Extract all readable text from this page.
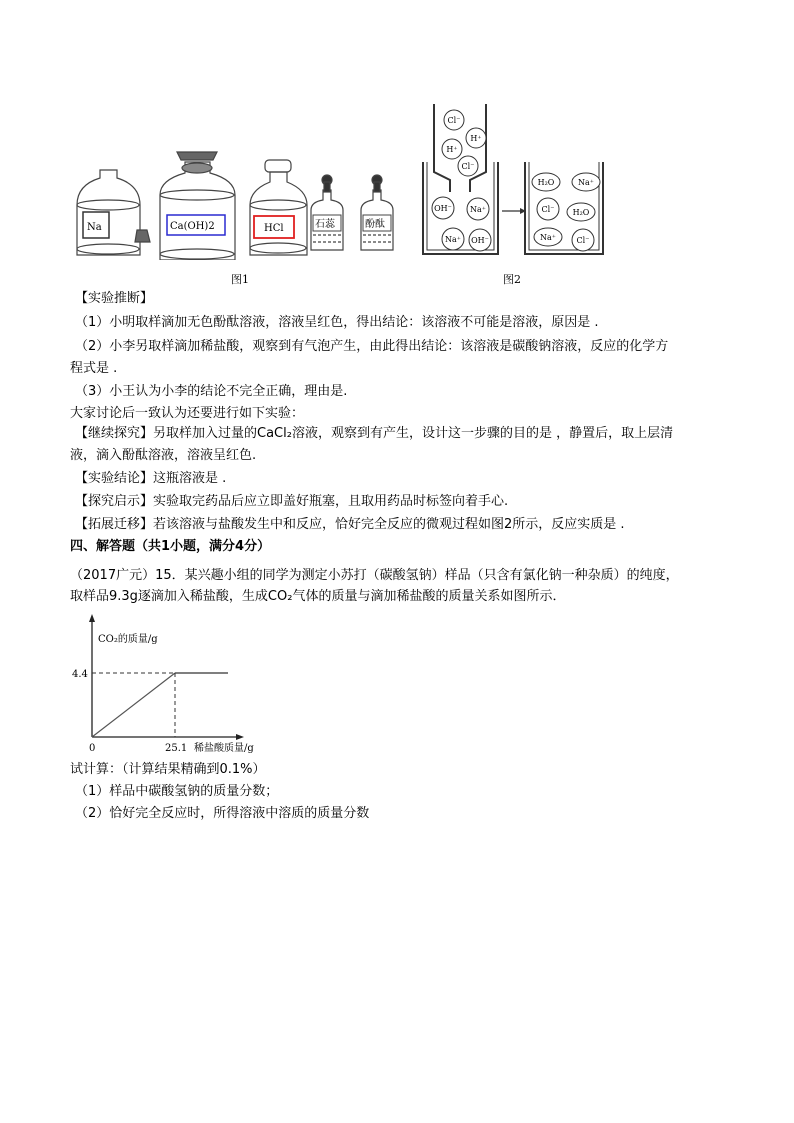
Na	Ca(OH)2	HCl	石蕊	酚酞
图1
Cl⁻
H⁺
H⁺
Cl⁻
OH⁻ Na⁺
Na⁺ OH⁻
H₂O	Na⁺
Cl⁻ H₂O
Na⁺	Cl⁻
图2
【实验推断】
（1）小明取样滴加无色酚酞溶液，溶液呈红色，得出结论：该溶液不可能是溶液，原因是 .
（2）小李另取样滴加稀盐酸，观察到有气泡产生，由此得出结论：该溶液是碳酸钠溶液，反应的化学方
程式是 .
（3）小王认为小李的结论不完全正确，理由是.
大家讨论后一致认为还要进行如下实验：
【继续探究】另取样加入过量的CaCl₂溶液，观察到有产生，设计这一步骤的目的是 ，静置后，取上层清
液，滴入酚酞溶液，溶液呈红色.
【实验结论】这瓶溶液是 .
【探究启示】实验取完药品后应立即盖好瓶塞，且取用药品时标签向着手心.
【拓展迁移】若该溶液与盐酸发生中和反应，恰好完全反应的微观过程如图2所示，反应实质是 .
四、解答题（共1小题，满分4分）
（2017广元）15．某兴趣小组的同学为测定小苏打（碳酸氢钠）样品（只含有氯化钠一种杂质）的纯度，
取样品9.3g逐滴加入稀盐酸，生成CO₂气体的质量与滴加稀盐酸的质量关系如图所示．
CO₂的质量/g
4.4
0	25.1 稀盐酸质量/g
试计算：（计算结果精确到0.1%）
（1）样品中碳酸氢钠的质量分数；
（2）恰好完全反应时，所得溶液中溶质的质量分数
